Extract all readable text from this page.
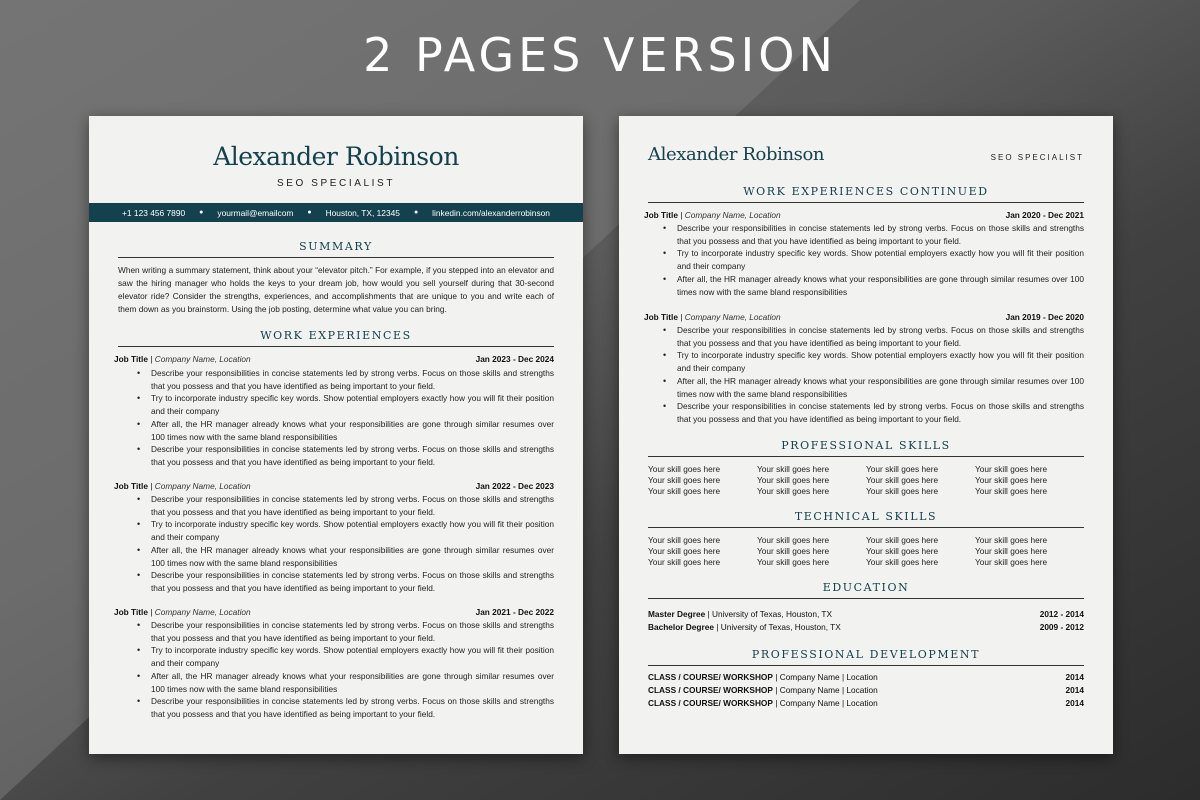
2 PAGES VERSION
Alexander Robinson
SEO SPECIALIST
+1 123 456 7890 ● yourmail@emailcom ● Houston, TX, 12345 ● linkedin.com/alexanderrobinson
SUMMARY
When writing a summary statement, think about your “elevator pitch.” For example, if you stepped into an elevator and saw the hiring manager who holds the keys to your dream job, how would you sell yourself during that 30-second elevator ride? Consider the strengths, experiences, and accomplishments that are unique to you and write each of them down as you brainstorm. Using the job posting, determine what value you can bring.
WORK EXPERIENCES
Job Title | Company Name, Location	Jan 2023 - Dec 2024
• Describe your responsibilities in concise statements led by strong verbs. Focus on those skills and strengths that you possess and that you have identified as being important to your field.
• Try to incorporate industry specific key words. Show potential employers exactly how you will fit their position and their company
• After all, the HR manager already knows what your responsibilities are gone through similar resumes over 100 times now with the same bland responsibilities
• Describe your responsibilities in concise statements led by strong verbs. Focus on those skills and strengths that you possess and that you have identified as being important to your field.
Job Title | Company Name, Location	Jan 2022 - Dec 2023
• Describe your responsibilities in concise statements led by strong verbs. Focus on those skills and strengths that you possess and that you have identified as being important to your field.
• Try to incorporate industry specific key words. Show potential employers exactly how you will fit their position and their company
• After all, the HR manager already knows what your responsibilities are gone through similar resumes over 100 times now with the same bland responsibilities
• Describe your responsibilities in concise statements led by strong verbs. Focus on those skills and strengths that you possess and that you have identified as being important to your field.
Job Title | Company Name, Location	Jan 2021 - Dec 2022
• Describe your responsibilities in concise statements led by strong verbs. Focus on those skills and strengths that you possess and that you have identified as being important to your field.
• Try to incorporate industry specific key words. Show potential employers exactly how you will fit their position and their company
• After all, the HR manager already knows what your responsibilities are gone through similar resumes over 100 times now with the same bland responsibilities
• Describe your responsibilities in concise statements led by strong verbs. Focus on those skills and strengths that you possess and that you have identified as being important to your field.
Alexander Robinson	SEO SPECIALIST
WORK EXPERIENCES CONTINUED
Job Title | Company Name, Location	Jan 2020 - Dec 2021
• Describe your responsibilities in concise statements led by strong verbs. Focus on those skills and strengths that you possess and that you have identified as being important to your field.
• Try to incorporate industry specific key words. Show potential employers exactly how you will fit their position and their company
• After all, the HR manager already knows what your responsibilities are gone through similar resumes over 100 times now with the same bland responsibilities
Job Title | Company Name, Location	Jan 2019 - Dec 2020
• Describe your responsibilities in concise statements led by strong verbs. Focus on those skills and strengths that you possess and that you have identified as being important to your field.
• Try to incorporate industry specific key words. Show potential employers exactly how you will fit their position and their company
• After all, the HR manager already knows what your responsibilities are gone through similar resumes over 100 times now with the same bland responsibilities
• Describe your responsibilities in concise statements led by strong verbs. Focus on those skills and strengths that you possess and that you have identified as being important to your field.
PROFESSIONAL SKILLS
Your skill goes here	Your skill goes here	Your skill goes here	Your skill goes here
Your skill goes here	Your skill goes here	Your skill goes here	Your skill goes here
Your skill goes here	Your skill goes here	Your skill goes here	Your skill goes here
TECHNICAL SKILLS
Your skill goes here	Your skill goes here	Your skill goes here	Your skill goes here
Your skill goes here	Your skill goes here	Your skill goes here	Your skill goes here
Your skill goes here	Your skill goes here	Your skill goes here	Your skill goes here
EDUCATION
Master Degree | University of Texas, Houston, TX	2012 - 2014
Bachelor Degree | University of Texas, Houston, TX	2009 - 2012
PROFESSIONAL DEVELOPMENT
CLASS / COURSE/ WORKSHOP | Company Name | Location	2014
CLASS / COURSE/ WORKSHOP | Company Name | Location	2014
CLASS / COURSE/ WORKSHOP | Company Name | Location	2014
